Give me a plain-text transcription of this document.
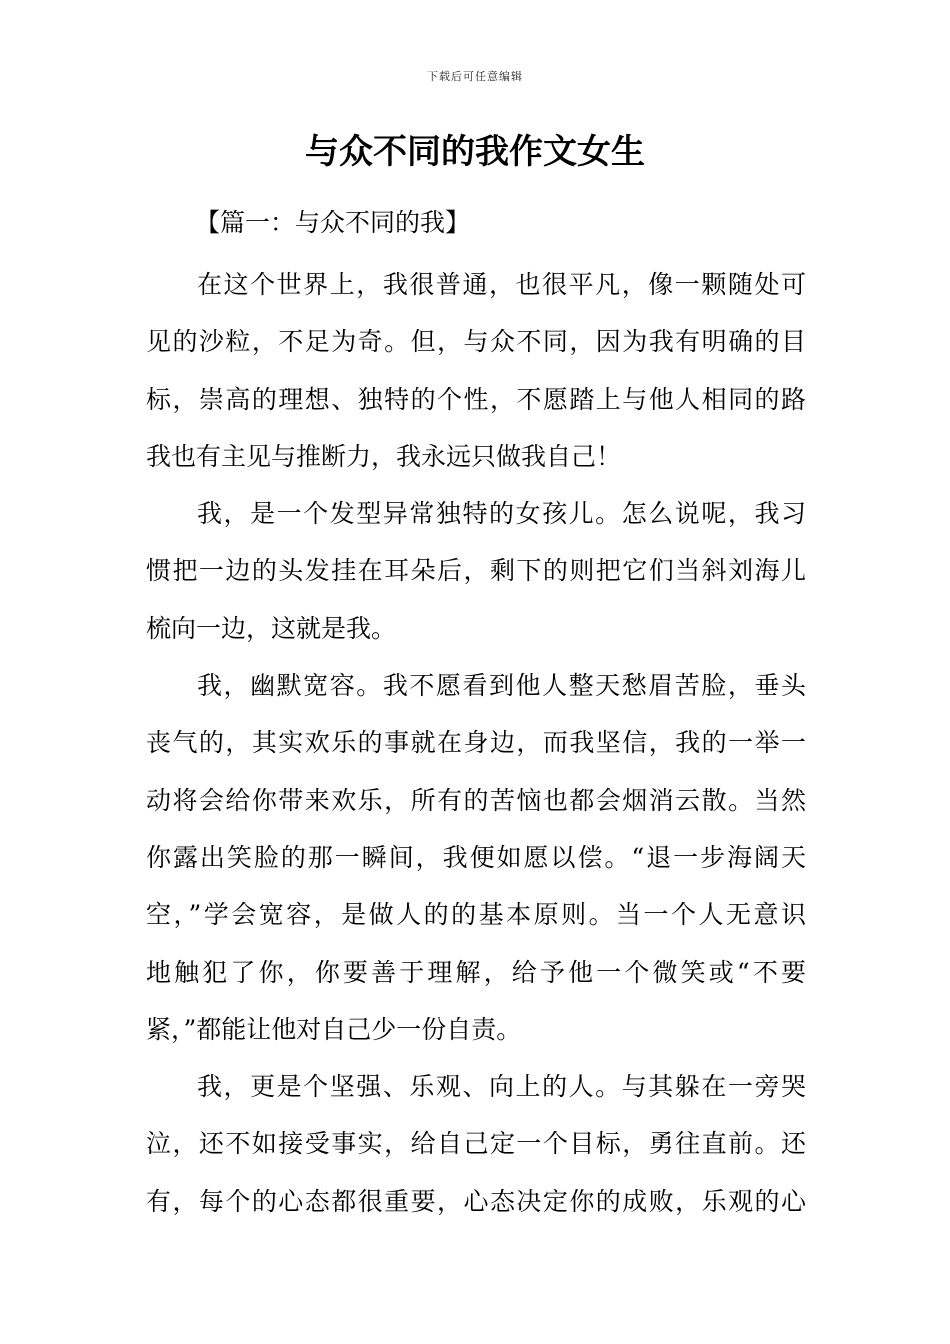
下载后可任意编辑
与众不同的我作文女生
【篇一：与众不同的我】
在这个世界上，我很普通，也很平凡，像一颗随处可
见的沙粒，不足为奇。但，与众不同，因为我有明确的目
标，崇高的理想、独特的个性，不愿踏上与他人相同的路
我也有主见与推断力，我永远只做我自己！
我，是一个发型异常独特的女孩儿。怎么说呢，我习
惯把一边的头发挂在耳朵后，剩下的则把它们当斜刘海儿
梳向一边，这就是我。
我，幽默宽容。我不愿看到他人整天愁眉苦脸，垂头
丧气的，其实欢乐的事就在身边，而我坚信，我的一举一
动将会给你带来欢乐，所有的苦恼也都会烟消云散。当然
你露出笑脸的那一瞬间，我便如愿以偿。“退一步海阔天
空，”学会宽容，是做人的的基本原则。当一个人无意识
地触犯了你，你要善于理解，给予他一个微笑或“不要
紧，”都能让他对自己少一份自责。
我，更是个坚强、乐观、向上的人。与其躲在一旁哭
泣，还不如接受事实，给自己定一个目标，勇往直前。还
有，每个的心态都很重要，心态决定你的成败，乐观的心
